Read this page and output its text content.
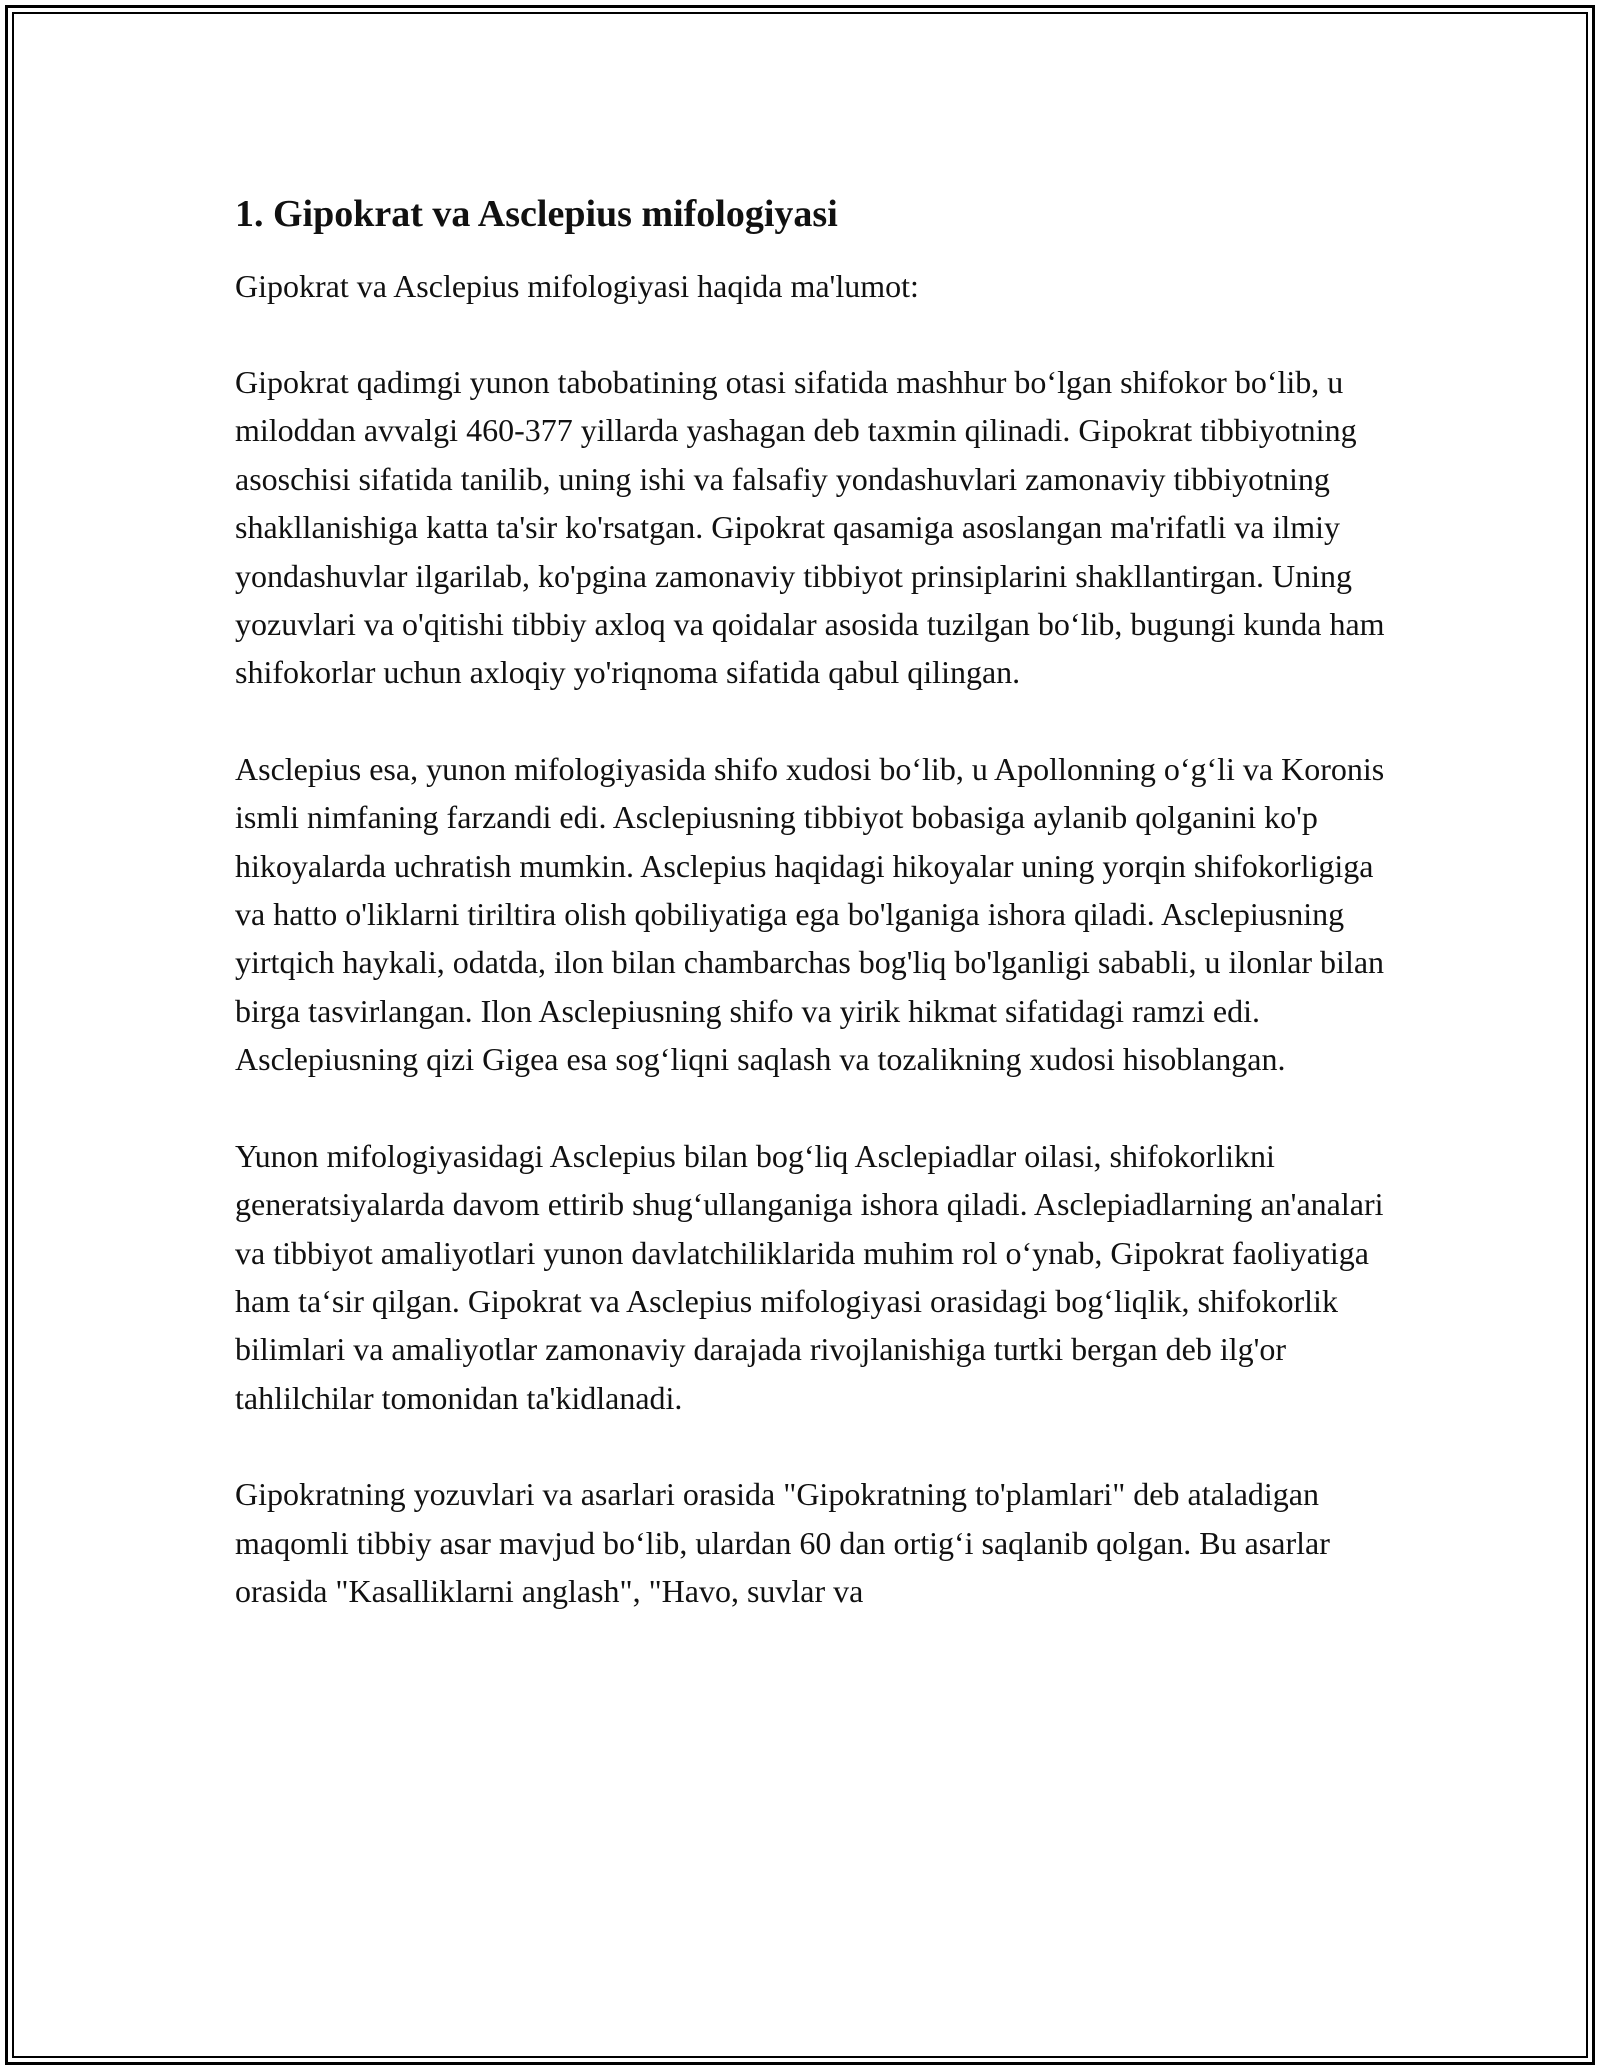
1. Gipokrat va Asclepius mifologiyasi

Gipokrat va Asclepius mifologiyasi haqida ma'lumot:

Gipokrat qadimgi yunon tabobatining otasi sifatida mashhur bo‘lgan shifokor bo‘lib, u miloddan avvalgi 460-377 yillarda yashagan deb taxmin qilinadi. Gipokrat tibbiyotning asoschisi sifatida tanilib, uning ishi va falsafiy yondashuvlari zamonaviy tibbiyotning shakllanishiga katta ta'sir ko'rsatgan. Gipokrat qasamiga asoslangan ma'rifatli va ilmiy yondashuvlar ilgarilab, ko'pgina zamonaviy tibbiyot prinsiplarini shakllantirgan. Uning yozuvlari va o'qitishi tibbiy axloq va qoidalar asosida tuzilgan bo‘lib, bugungi kunda ham shifokorlar uchun axloqiy yo'riqnoma sifatida qabul qilingan.

Asclepius esa, yunon mifologiyasida shifo xudosi bo‘lib, u Apollonning o‘g‘li va Koronis ismli nimfaning farzandi edi. Asclepiusning tibbiyot bobasiga aylanib qolganini ko'p hikoyalarda uchratish mumkin. Asclepius haqidagi hikoyalar uning yorqin shifokorligiga va hatto o'liklarni tiriltira olish qobiliyatiga ega bo'lganiga ishora qiladi. Asclepiusning yirtqich haykali, odatda, ilon bilan chambarchas bog'liq bo'lganligi sababli, u ilonlar bilan birga tasvirlangan. Ilon Asclepiusning shifo va yirik hikmat sifatidagi ramzi edi. Asclepiusning qizi Gigea esa sog‘liqni saqlash va tozalikning xudosi hisoblangan.

Yunon mifologiyasidagi Asclepius bilan bog‘liq Asclepiadlar oilasi, shifokorlikni generatsiyalarda davom ettirib shug‘ullanganiga ishora qiladi. Asclepiadlarning an'analari va tibbiyot amaliyotlari yunon davlatchiliklarida muhim rol o‘ynab, Gipokrat faoliyatiga ham ta‘sir qilgan. Gipokrat va Asclepius mifologiyasi orasidagi bog‘liqlik, shifokorlik bilimlari va amaliyotlar zamonaviy darajada rivojlanishiga turtki bergan deb ilg'or tahlilchilar tomonidan ta'kidlanadi.

Gipokratning yozuvlari va asarlari orasida "Gipokratning to'plamlari" deb ataladigan maqomli tibbiy asar mavjud bo‘lib, ulardan 60 dan ortig‘i saqlanib qolgan. Bu asarlar orasida "Kasalliklarni anglash", "Havo, suvlar va
